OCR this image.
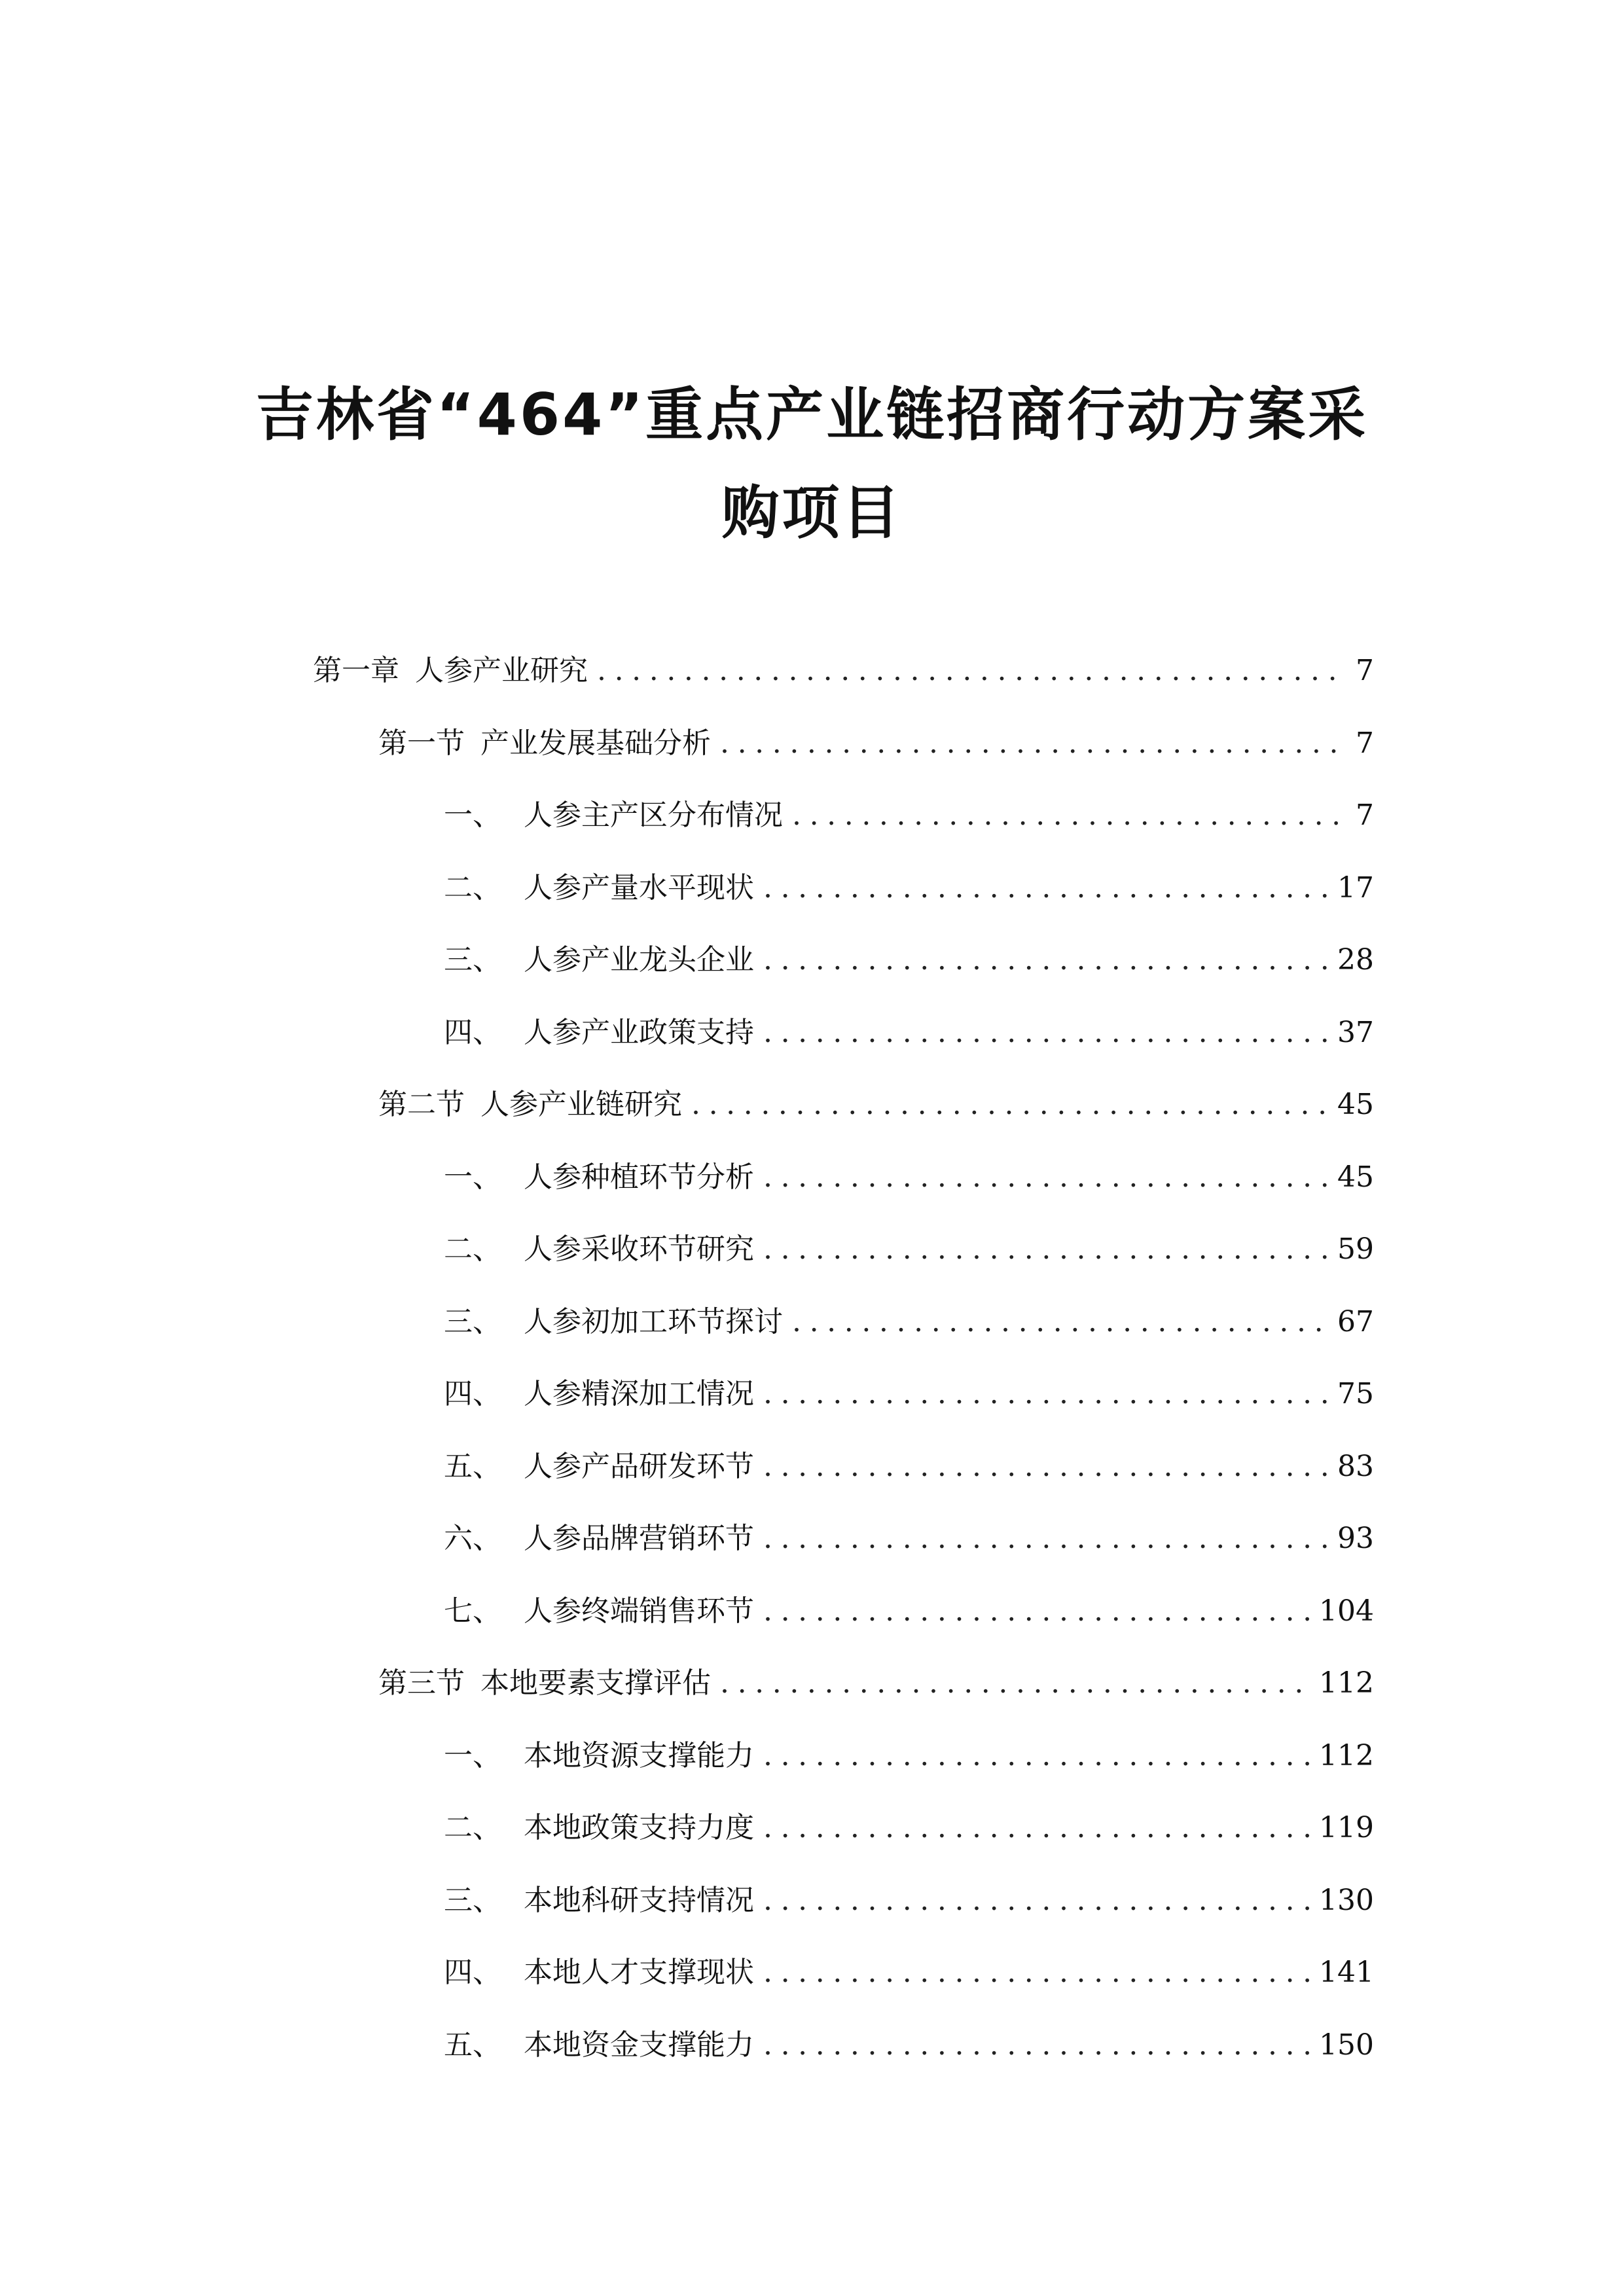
吉林省“464”重点产业链招商行动方案采
购项目
第一章 人参产业研究 .....	7
第一节 产业发展基础分析 .....	7
一、 人参主产区分布情况 .....	7
二、 人参产量水平现状 .....	17
三、 人参产业龙头企业 .....	28
四、 人参产业政策支持 .....	37
第二节 人参产业链研究 .....	45
一、 人参种植环节分析 .....	45
二、 人参采收环节研究 .....	59
三、 人参初加工环节探讨 .....	67
四、 人参精深加工情况 .....	75
五、 人参产品研发环节 .....	83
六、 人参品牌营销环节 .....	93
七、 人参终端销售环节 .....	104
第三节 本地要素支撑评估 .....	112
一、 本地资源支撑能力 .....	112
二、 本地政策支持力度 .....	119
三、 本地科研支持情况 .....	130
四、 本地人才支撑现状 .....	141
五、 本地资金支撑能力 .....	150
